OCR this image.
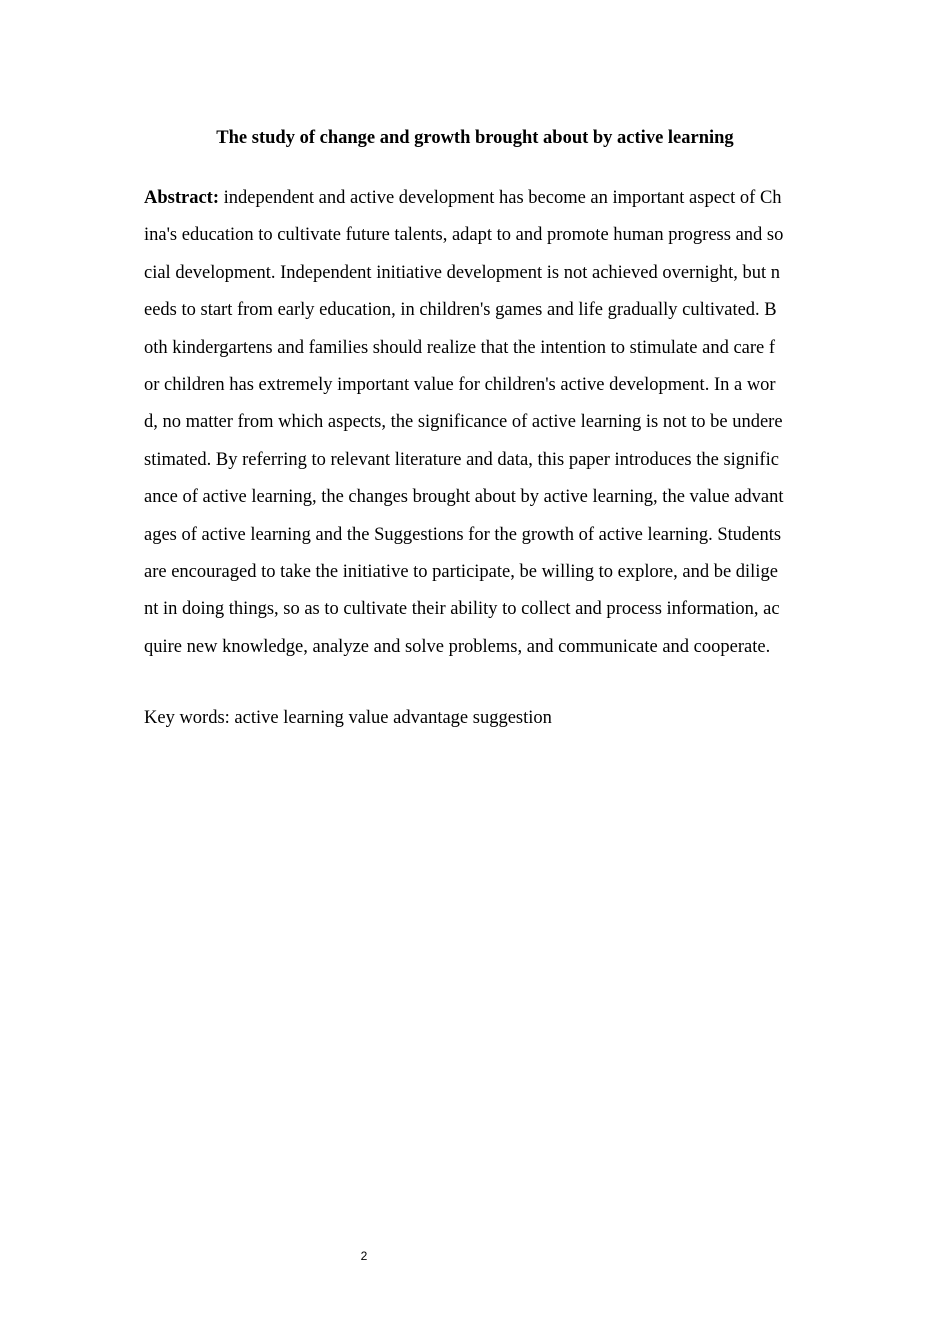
The study of change and growth brought about by active learning
Abstract: independent and active development has become an important aspect of Ch
ina's education to cultivate future talents, adapt to and promote human progress and so
cial development. Independent initiative development is not achieved overnight, but n
eeds to start from early education, in children's games and life gradually cultivated. B
oth kindergartens and families should realize that the intention to stimulate and care f
or children has extremely important value for children's active development. In a wor
d, no matter from which aspects, the significance of active learning is not to be undere
stimated. By referring to relevant literature and data, this paper introduces the signific
ance of active learning, the changes brought about by active learning, the value advant
ages of active learning and the Suggestions for the growth of active learning. Students
are encouraged to take the initiative to participate, be willing to explore, and be dilige
nt in doing things, so as to cultivate their ability to collect and process information, ac
quire new knowledge, analyze and solve problems, and communicate and cooperate.

Key words: active learning value advantage suggestion

2
